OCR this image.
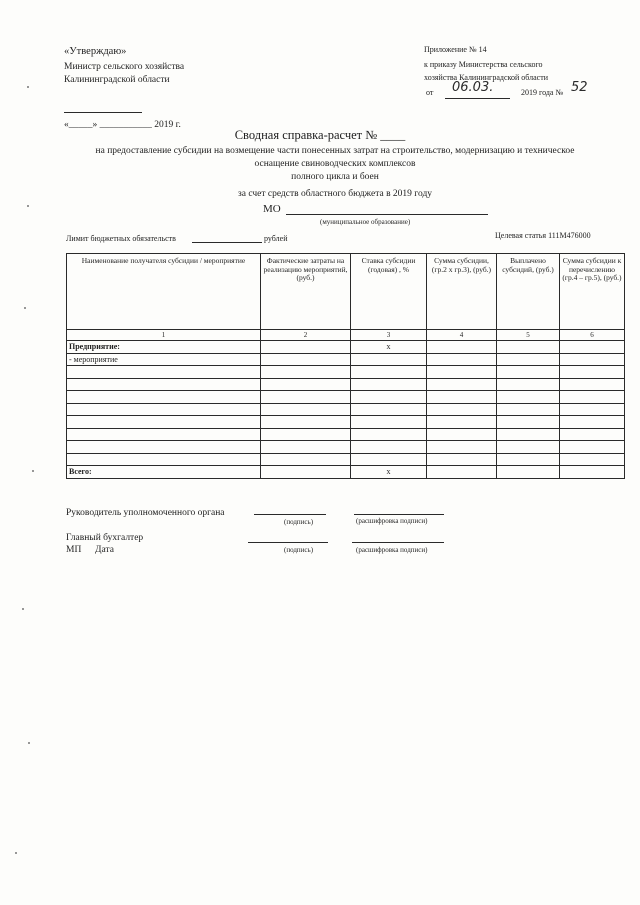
«Утверждаю»
Министр сельского хозяйства
Калининградской области
«_____» ___________ 2019 г.
Приложение № 14
к приказу Министерства сельского
хозяйства Калининградской области
от 06.03.	2019 года № 52
Сводная справка-расчет № ____
на предоставление субсидии на возмещение части понесенных затрат на строительство, модернизацию и техническое
оснащение свиноводческих комплексов
полного цикла и боен
за счет средств областного бюджета в 2019 году
МО
(муниципальное образование)
Лимит бюджетных обязательств	рублей	Целевая статья 111М476000
Наименование получателя субсидии / мероприятие	Фактические затраты на реализацию мероприятий, (руб.)	Ставка субсидии (годовая) , %	Сумма субсидии, (гр.2 x гр.3), (руб.)	Выплачено субсидий, (руб.)	Сумма субсидии к перечислению (гр.4 – гр.5), (руб.)
1	2	3	4	5	6
Предприятие:		x			
- мероприятие					

Всего:		x			
Руководитель уполномоченного органа
(подпись)	(расшифровка подписи)
Главный бухгалтер
МП Дата	(подпись)	(расшифровка подписи)
